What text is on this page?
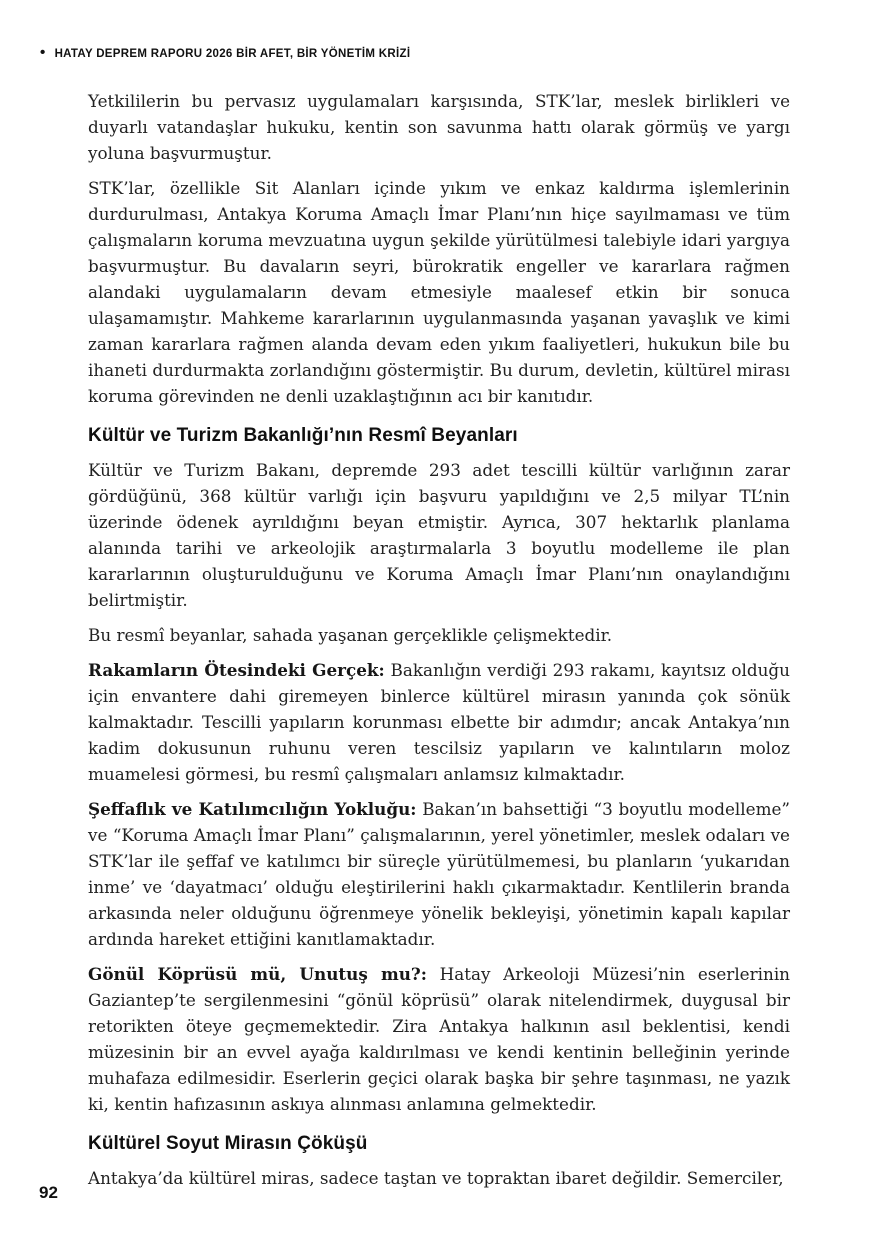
• HATAY DEPREM RAPORU 2026 BİR AFET, BİR YÖNETİM KRİZİ

Yetkililerin bu pervasız uygulamaları karşısında, STK’lar, meslek birlikleri ve duyarlı vatandaşlar hukuku, kentin son savunma hattı olarak görmüş ve yargı yoluna başvurmuştur.

STK’lar, özellikle Sit Alanları içinde yıkım ve enkaz kaldırma işlemlerinin durdurulması, Antakya Koruma Amaçlı İmar Planı’nın hiçe sayılmaması ve tüm çalışmaların koruma mevzuatına uygun şekilde yürütülmesi talebiyle idari yargıya başvurmuştur. Bu davaların seyri, bürokratik engeller ve kararlara rağmen alandaki uygulamaların devam etmesiyle maalesef etkin bir sonuca ulaşamamıştır. Mahkeme kararlarının uygulanmasında yaşanan yavaşlık ve kimi zaman kararlara rağmen alanda devam eden yıkım faaliyetleri, hukukun bile bu ihaneti durdurmakta zorlandığını göstermiştir. Bu durum, devletin, kültürel mirası koruma görevinden ne denli uzaklaştığının acı bir kanıtıdır.

Kültür ve Turizm Bakanlığı’nın Resmî Beyanları

Kültür ve Turizm Bakanı, depremde 293 adet tescilli kültür varlığının zarar gördüğünü, 368 kültür varlığı için başvuru yapıldığını ve 2,5 milyar TL’nin üzerinde ödenek ayrıldığını beyan etmiştir. Ayrıca, 307 hektarlık planlama alanında tarihi ve arkeolojik araştırmalarla 3 boyutlu modelleme ile plan kararlarının oluşturulduğunu ve Koruma Amaçlı İmar Planı’nın onaylandığını belirtmiştir.

Bu resmî beyanlar, sahada yaşanan gerçeklikle çelişmektedir.

Rakamların Ötesindeki Gerçek: Bakanlığın verdiği 293 rakamı, kayıtsız olduğu için envantere dahi giremeyen binlerce kültürel mirasın yanında çok sönük kalmaktadır. Tescilli yapıların korunması elbette bir adımdır; ancak Antakya’nın kadim dokusunun ruhunu veren tescilsiz yapıların ve kalıntıların moloz muamelesi görmesi, bu resmî çalışmaları anlamsız kılmaktadır.

Şeffaflık ve Katılımcılığın Yokluğu: Bakan’ın bahsettiği “3 boyutlu modelleme” ve “Koruma Amaçlı İmar Planı” çalışmalarının, yerel yönetimler, meslek odaları ve STK’lar ile şeffaf ve katılımcı bir süreçle yürütülmemesi, bu planların ‘yukarıdan inme’ ve ‘dayatmacı’ olduğu eleştirilerini haklı çıkarmaktadır. Kentlilerin branda arkasında neler olduğunu öğrenmeye yönelik bekleyişi, yönetimin kapalı kapılar ardında hareket ettiğini kanıtlamaktadır.

Gönül Köprüsü mü, Unutuş mu?: Hatay Arkeoloji Müzesi’nin eserlerinin Gaziantep’te sergilenmesini “gönül köprüsü” olarak nitelendirmek, duygusal bir retorikten öteye geçmemektedir. Zira Antakya halkının asıl beklentisi, kendi müzesinin bir an evvel ayağa kaldırılması ve kendi kentinin belleğinin yerinde muhafaza edilmesidir. Eserlerin geçici olarak başka bir şehre taşınması, ne yazık ki, kentin hafızasının askıya alınması anlamına gelmektedir.

Kültürel Soyut Mirasın Çöküşü

Antakya’da kültürel miras, sadece taştan ve topraktan ibaret değildir. Semerciler,

92
